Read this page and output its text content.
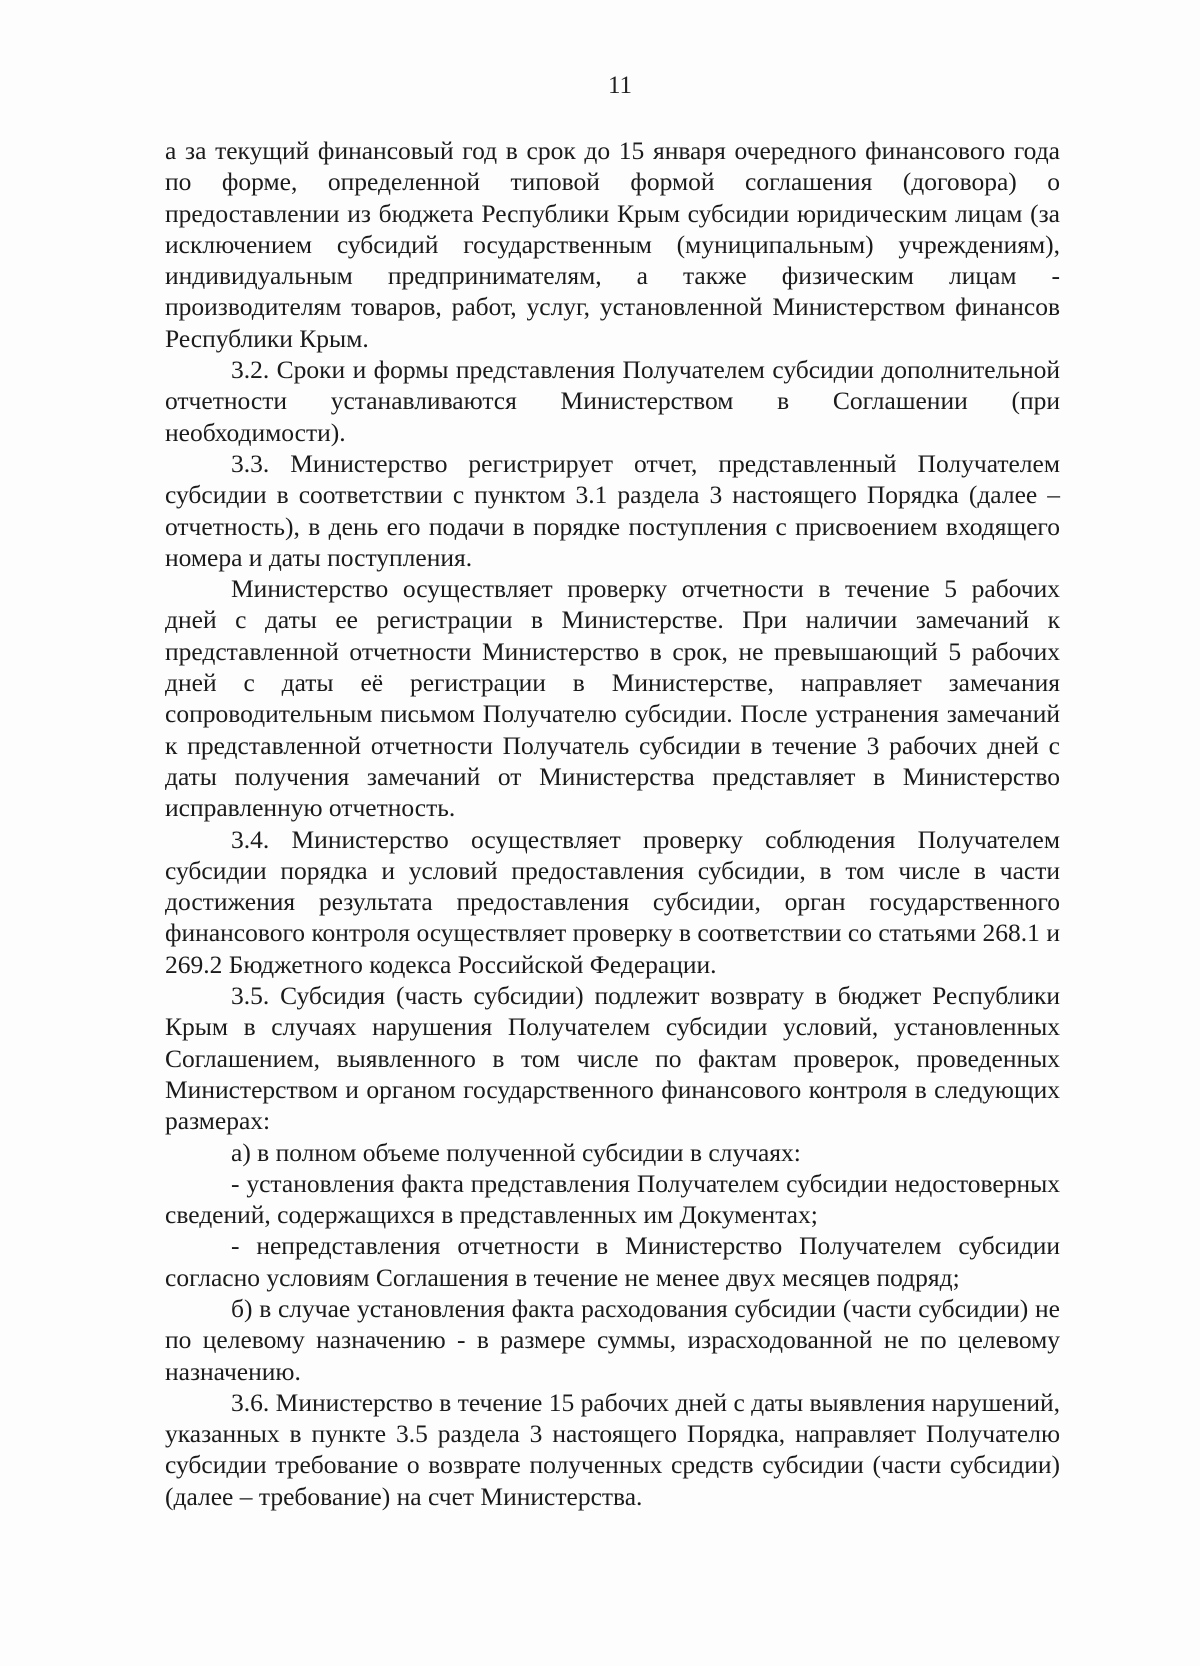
11

а за текущий финансовый год в срок до 15 января очередного финансового года по форме, определенной типовой формой соглашения (договора) о предоставлении из бюджета Республики Крым субсидии юридическим лицам (за исключением субсидий государственным (муниципальным) учреждениям), индивидуальным предпринимателям, а также физическим лицам - производителям товаров, работ, услуг, установленной Министерством финансов Республики Крым.

3.2. Сроки и формы представления Получателем субсидии дополнительной отчетности устанавливаются Министерством в Соглашении (при необходимости).

3.3. Министерство регистрирует отчет, представленный Получателем субсидии в соответствии с пунктом 3.1 раздела 3 настоящего Порядка (далее – отчетность), в день его подачи в порядке поступления с присвоением входящего номера и даты поступления.

Министерство осуществляет проверку отчетности в течение 5 рабочих дней с даты ее регистрации в Министерстве. При наличии замечаний к представленной отчетности Министерство в срок, не превышающий 5 рабочих дней с даты её регистрации в Министерстве, направляет замечания сопроводительным письмом Получателю субсидии. После устранения замечаний к представленной отчетности Получатель субсидии в течение 3 рабочих дней с даты получения замечаний от Министерства представляет в Министерство исправленную отчетность.

3.4. Министерство осуществляет проверку соблюдения Получателем субсидии порядка и условий предоставления субсидии, в том числе в части достижения результата предоставления субсидии, орган государственного финансового контроля осуществляет проверку в соответствии со статьями 268.1 и 269.2 Бюджетного кодекса Российской Федерации.

3.5. Субсидия (часть субсидии) подлежит возврату в бюджет Республики Крым в случаях нарушения Получателем субсидии условий, установленных Соглашением, выявленного в том числе по фактам проверок, проведенных Министерством и органом государственного финансового контроля в следующих размерах:

а) в полном объеме полученной субсидии в случаях:

- установления факта представления Получателем субсидии недостоверных сведений, содержащихся в представленных им Документах;

- непредставления отчетности в Министерство Получателем субсидии согласно условиям Соглашения в течение не менее двух месяцев подряд;

б) в случае установления факта расходования субсидии (части субсидии) не по целевому назначению - в размере суммы, израсходованной не по целевому назначению.

3.6. Министерство в течение 15 рабочих дней с даты выявления нарушений, указанных в пункте 3.5 раздела 3 настоящего Порядка, направляет Получателю субсидии требование о возврате полученных средств субсидии (части субсидии) (далее – требование) на счет Министерства.
